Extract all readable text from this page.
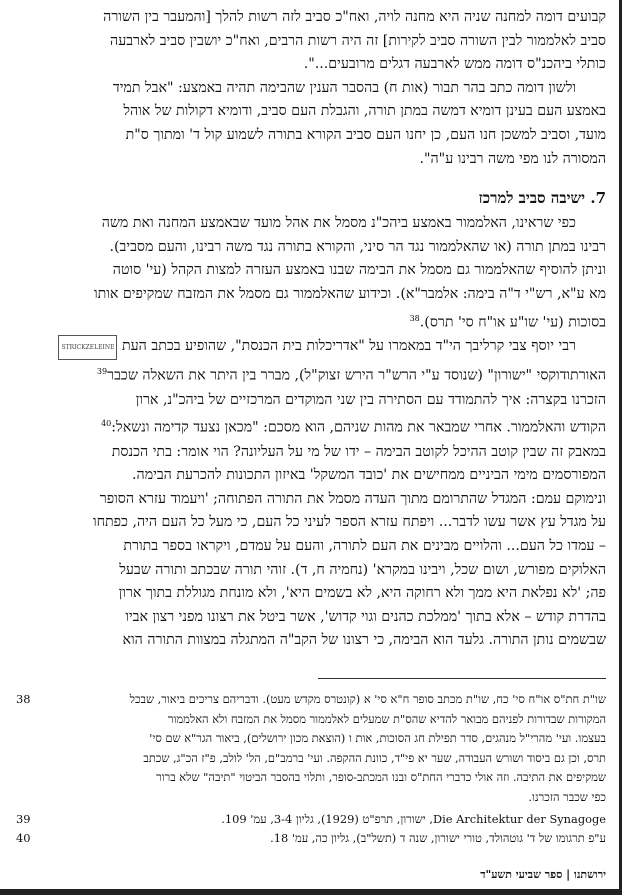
קבועים דומה למחנה שניה היא מחנה לויה, ואח"כ סביב לזה רשות להלך [והמעבר בין השורה
סביב לאלממור לבין השורה סביב לקירות] זה היה רשות הרבים, ואח"כ יושבין סביב לארבעה
כותלי ביהכנ"ס דומה ממש לארבעה דגלים מרובעים...".

ולשון דומה כתב בהר תבור (אות ח) בהסבר הענין שהבימה תהיה באמצע: "אבל תמיד
באמצע העם בעינן דומיא דמשה במתן תורה, והגבלת העם סביב, ודומיא דקולות של אוהל
מועד, וסביב למשכן חנו העם, כן יחנו העם סביב הקורא בתורה לשמוע קול ד' ומתוך ס"ת
המסורה לנו מפי משה רבינו ע"ה".

7. ישיבה סביב למרכז

כפי שראינו, האלממור באמצע ביהכ"נ מסמל את אהל מועד שבאמצע המחנה ואת משה
רבינו במתן תורה (או שהאלממור נגד הר סיני, והקורא בתורה נגד משה רבינו, והעם מסביב).
וניתן להוסיף שהאלממור גם מסמל את הבימה שבנו באמצע העזרה למצות הקהל (עי' סוטה
מא ע"א, רש"י ד"ה בימה: אלמבר"א). וכידוע שהאלממור גם מסמל את המזבח שמקיפים אותו
בסוכות (עי' שו"ע או"ח סי' תרס).$^{38}$

רבי יוסף צבי קרליבך הי"ד במאמרו על "אדריכלות בית הכנסת", שהופיע בכתב העת STRICKZELEINE
האורתודוקסי "ישורון" (שנוסד ע"י הרש"ר הירש זצוק"ל), מברר בין היתר את השאלה שכבר$^{39}$
הזכרנו בקצרה: איך להתמודד עם הסתירה בין שני המוקדים המרכזיים של ביהכ"נ, ארון
הקודש והאלממור. אחרי שמבאר את מהות שניהם, הוא מסכם: "מכאן נצעד קדימה ונשאל:$^{40}$
במאבק זה שבין קוטב ההיכל לקוטב הבימה – ידו של מי על העליונה? הוי אומר: בתי הכנסת
המפורסמים מימי הביניים ממחישים את 'כובד המשקל' באיזון התכונות להכרעת הבימה.
ונימוקם עמם: המגדל שהתרומם מתוך העדה מסמל את התורה הפתוחה; 'ויעמוד עזרא הסופר
על מגדל עץ אשר עשו לדבר... ויפתח עזרא הספר לעיני כל העם, כי מעל כל העם היה, כפתחו
– עמדו כל העם... והלויים מבינים את העם לתורה, והעם על עמדם, ויקראו בספר בתורת
האלוקים מפורש, ושום שכל, ויבינו במקרא' (נחמיה ח, ד). זוהי תורה שבכתב ותורה שבעל
פה; 'לא נפלאת היא ממך ולא רחוקה היא, לא בשמים היא', ולא מונחת מגוללת בתוך ארון
בהדרת קודש – אלא בתוך 'ממלכת כהנים וגוי קדוש', אשר ביטל את רצונו מפני רצון אביו
שבשמים נותן התורה. גלעד הוא הבימה, כי רצונו של הקב"ה המתגלה במצוות התורה הוא

38	שו"ת חת"ס או"ח סי' כח, שו"ת מכתב סופר ח"א סי' א (קונטרס מקדש מעט). ודבריהם צריכים ביאור, שבכל
המקורות שבדורות לפניהם מבואר להדיא שהס"ת שמעלים לאלממור מסמל את המזבח ולא האלממור
בעצמו. ועי' מהרי"ל מנהגים, סדר תפילת חג הסוכות, אות ו (הוצאת מכון ירושלים), ביאור הגר"א שם סי'
תרס, וכן גם ביסוד ושורש העבודה, שער יא פי"ד, כוונת ההקפה. ועי' ברמב"ם, הל' לולב, פ"ז הכ"ג, שכתב
שמקיפים את התיבה. וזה אולי כדברי החת"ס ובנו המכתב-סופר, ותלוי בהסבר הביטוי "תיבה" שלא ברור
כפי שכבר הזכרנו.
39	Die Architektur der Synagoge, ישורון, תרפ"ט (1929), גליון 3-4, עמ' 109.
40	ע"פ תרגומו של ד' גוטהולד, טורי ישורון, שנה ד (תשל"ב), גליון כה, עמ' 18.
ירושתנו | ספר שביעי תשע"ד
